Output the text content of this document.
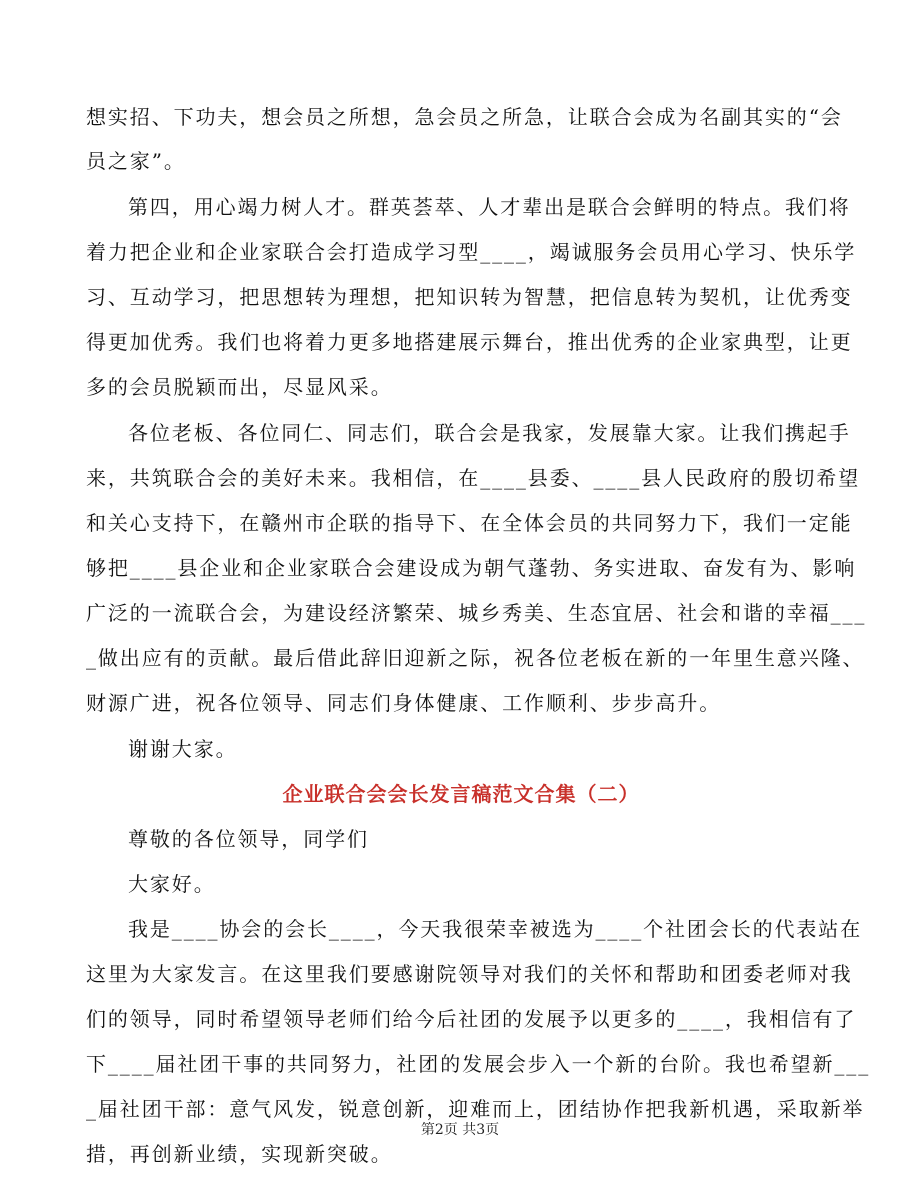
想实招、下功夫，想会员之所想，急会员之所急，让联合会成为名副其实的“会
员之家”。
第四，用心竭力树人才。群英荟萃、人才辈出是联合会鲜明的特点。我们将
着力把企业和企业家联合会打造成学习型____，竭诚服务会员用心学习、快乐学
习、互动学习，把思想转为理想，把知识转为智慧，把信息转为契机，让优秀变
得更加优秀。我们也将着力更多地搭建展示舞台，推出优秀的企业家典型，让更
多的会员脱颖而出，尽显风采。
各位老板、各位同仁、同志们，联合会是我家，发展靠大家。让我们携起手
来，共筑联合会的美好未来。我相信，在____县委、____县人民政府的殷切希望
和关心支持下，在赣州市企联的指导下、在全体会员的共同努力下，我们一定能
够把____县企业和企业家联合会建设成为朝气蓬勃、务实进取、奋发有为、影响
广泛的一流联合会，为建设经济繁荣、城乡秀美、生态宜居、社会和谐的幸福___
_做出应有的贡献。最后借此辞旧迎新之际，祝各位老板在新的一年里生意兴隆、
财源广进，祝各位领导、同志们身体健康、工作顺利、步步高升。
谢谢大家。
企业联合会会长发言稿范文合集（二）
尊敬的各位领导，同学们
大家好。
我是____协会的会长____，今天我很荣幸被选为____个社团会长的代表站在
这里为大家发言。在这里我们要感谢院领导对我们的关怀和帮助和团委老师对我
们的领导，同时希望领导老师们给今后社团的发展予以更多的____，我相信有了
下____届社团干事的共同努力，社团的发展会步入一个新的台阶。我也希望新___
_届社团干部：意气风发，锐意创新，迎难而上，团结协作把我新机遇，采取新举
措，再创新业绩，实现新突破。
第2页 共3页
